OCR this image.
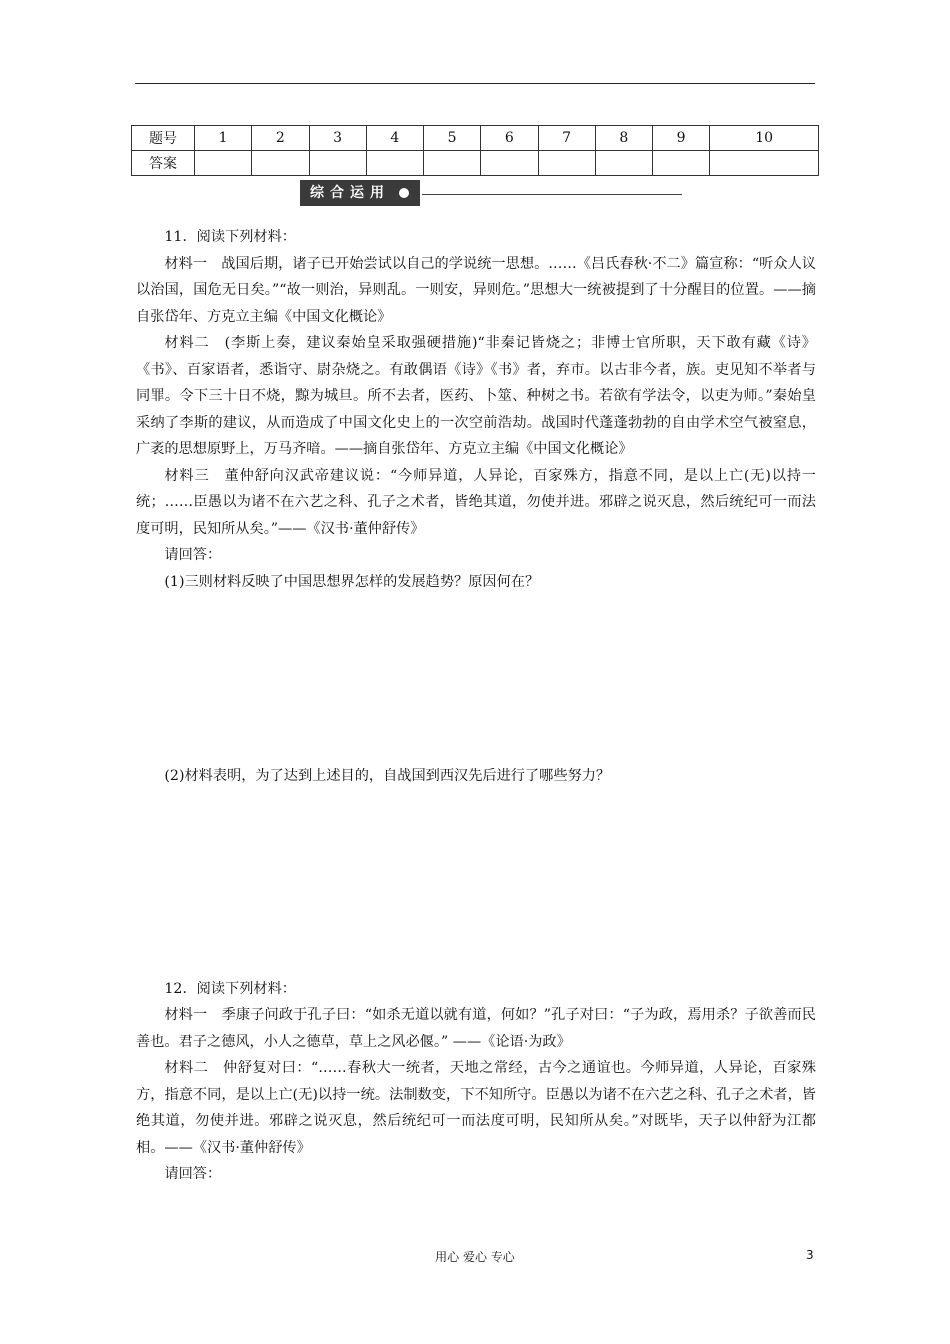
题号	1	2	3	4	5	6	7	8	9	10
答案										
综合运用

11．阅读下列材料：

材料一　战国后期，诸子已开始尝试以自己的学说统一思想。……《吕氏春秋·不二》篇宣称：“听众人议以治国，国危无日矣。”“故一则治，异则乱。一则安，异则危。”思想大一统被提到了十分醒目的位置。——摘自张岱年、方克立主编《中国文化概论》

材料二　(李斯上奏，建议秦始皇采取强硬措施)“非秦记皆烧之；非博士官所职，天下敢有藏《诗》《书》、百家语者，悉诣守、尉杂烧之。有敢偶语《诗》《书》者，弃市。以古非今者，族。吏见知不举者与同罪。令下三十日不烧，黥为城旦。所不去者，医药、卜筮、种树之书。若欲有学法令，以吏为师。”秦始皇采纳了李斯的建议，从而造成了中国文化史上的一次空前浩劫。战国时代蓬蓬勃勃的自由学术空气被窒息，广袤的思想原野上，万马齐喑。——摘自张岱年、方克立主编《中国文化概论》

材料三　董仲舒向汉武帝建议说：“今师异道，人异论，百家殊方，指意不同，是以上亡(无)以持一统；……臣愚以为诸不在六艺之科、孔子之术者，皆绝其道，勿使并进。邪辟之说灭息，然后统纪可一而法度可明，民知所从矣。”——《汉书·董仲舒传》

请回答：

(1)三则材料反映了中国思想界怎样的发展趋势？原因何在？

(2)材料表明，为了达到上述目的，自战国到西汉先后进行了哪些努力？

12．阅读下列材料：

材料一　季康子问政于孔子曰：“如杀无道以就有道，何如？”孔子对曰：“子为政，焉用杀？子欲善而民善也。君子之德风，小人之德草，草上之风必偃。” ——《论语·为政》

材料二　仲舒复对曰：“……春秋大一统者，天地之常经，古今之通谊也。今师异道，人异论，百家殊方，指意不同，是以上亡(无)以持一统。法制数变，下不知所守。臣愚以为诸不在六艺之科、孔子之术者，皆绝其道，勿使并进。邪辟之说灭息，然后统纪可一而法度可明，民知所从矣。”对既毕，天子以仲舒为江都相。——《汉书·董仲舒传》

请回答：

用心 爱心 专心	3
